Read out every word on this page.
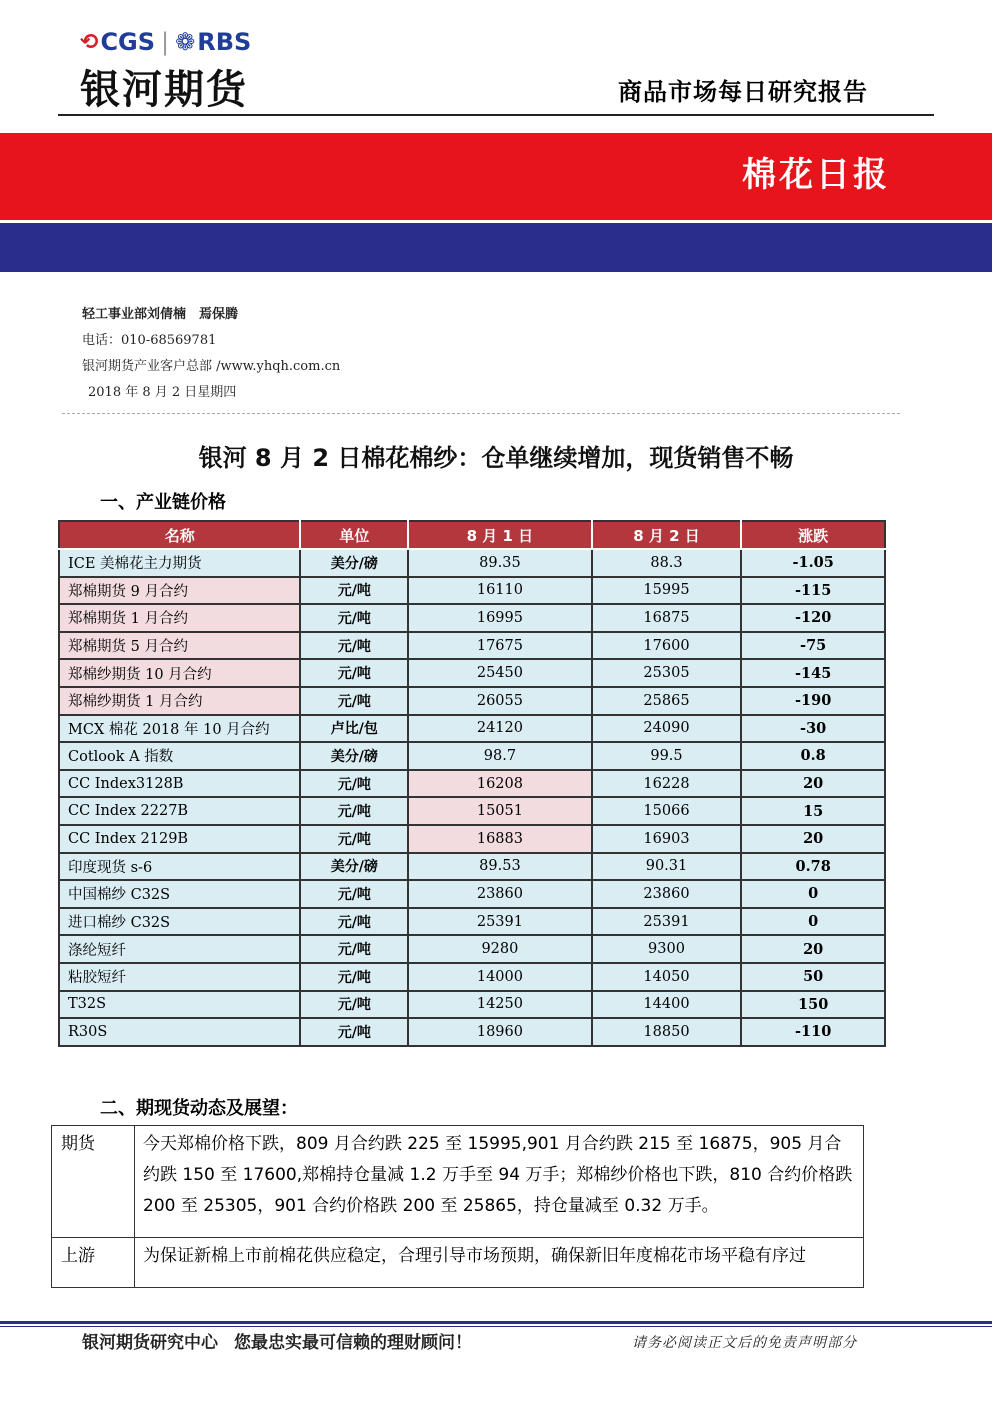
⟲ CGS | ❁ RBS
银河期货	商品市场每日研究报告
棉花日报
轻工事业部刘倩楠　焉保腾
电话：010-68569781
银河期货产业客户总部 /www.yhqh.com.cn
2018 年 8 月 2 日星期四
银河 8 月 2 日棉花棉纱：仓单继续增加，现货销售不畅
一、产业链价格
名称	单位	8 月 1 日	8 月 2 日	涨跌
ICE 美棉花主力期货	美分/磅	89.35	88.3	-1.05
郑棉期货 9 月合约	元/吨	16110	15995	-115
郑棉期货 1 月合约	元/吨	16995	16875	-120
郑棉期货 5 月合约	元/吨	17675	17600	-75
郑棉纱期货 10 月合约	元/吨	25450	25305	-145
郑棉纱期货 1 月合约	元/吨	26055	25865	-190
MCX 棉花 2018 年 10 月合约	卢比/包	24120	24090	-30
Cotlook A 指数	美分/磅	98.7	99.5	0.8
CC Index3128B	元/吨	16208	16228	20
CC Index 2227B	元/吨	15051	15066	15
CC Index 2129B	元/吨	16883	16903	20
印度现货 s-6	美分/磅	89.53	90.31	0.78
中国棉纱 C32S	元/吨	23860	23860	0
进口棉纱 C32S	元/吨	25391	25391	0
涤纶短纤	元/吨	9280	9300	20
粘胶短纤	元/吨	14000	14050	50
T32S	元/吨	14250	14400	150
R30S	元/吨	18960	18850	-110
二、期现货动态及展望：
期货	今天郑棉价格下跌，809 月合约跌 225 至 15995,901 月合约跌 215 至 16875，905 月合约跌 150 至 17600,郑棉持仓量减 1.2 万手至 94 万手；郑棉纱价格也下跌，810 合约价格跌 200 至 25305，901 合约价格跌 200 至 25865，持仓量减至 0.32 万手。
上游	为保证新棉上市前棉花供应稳定，合理引导市场预期，确保新旧年度棉花市场平稳有序过
银河期货研究中心 您最忠实最可信赖的理财顾问！	请务必阅读正文后的免责声明部分
